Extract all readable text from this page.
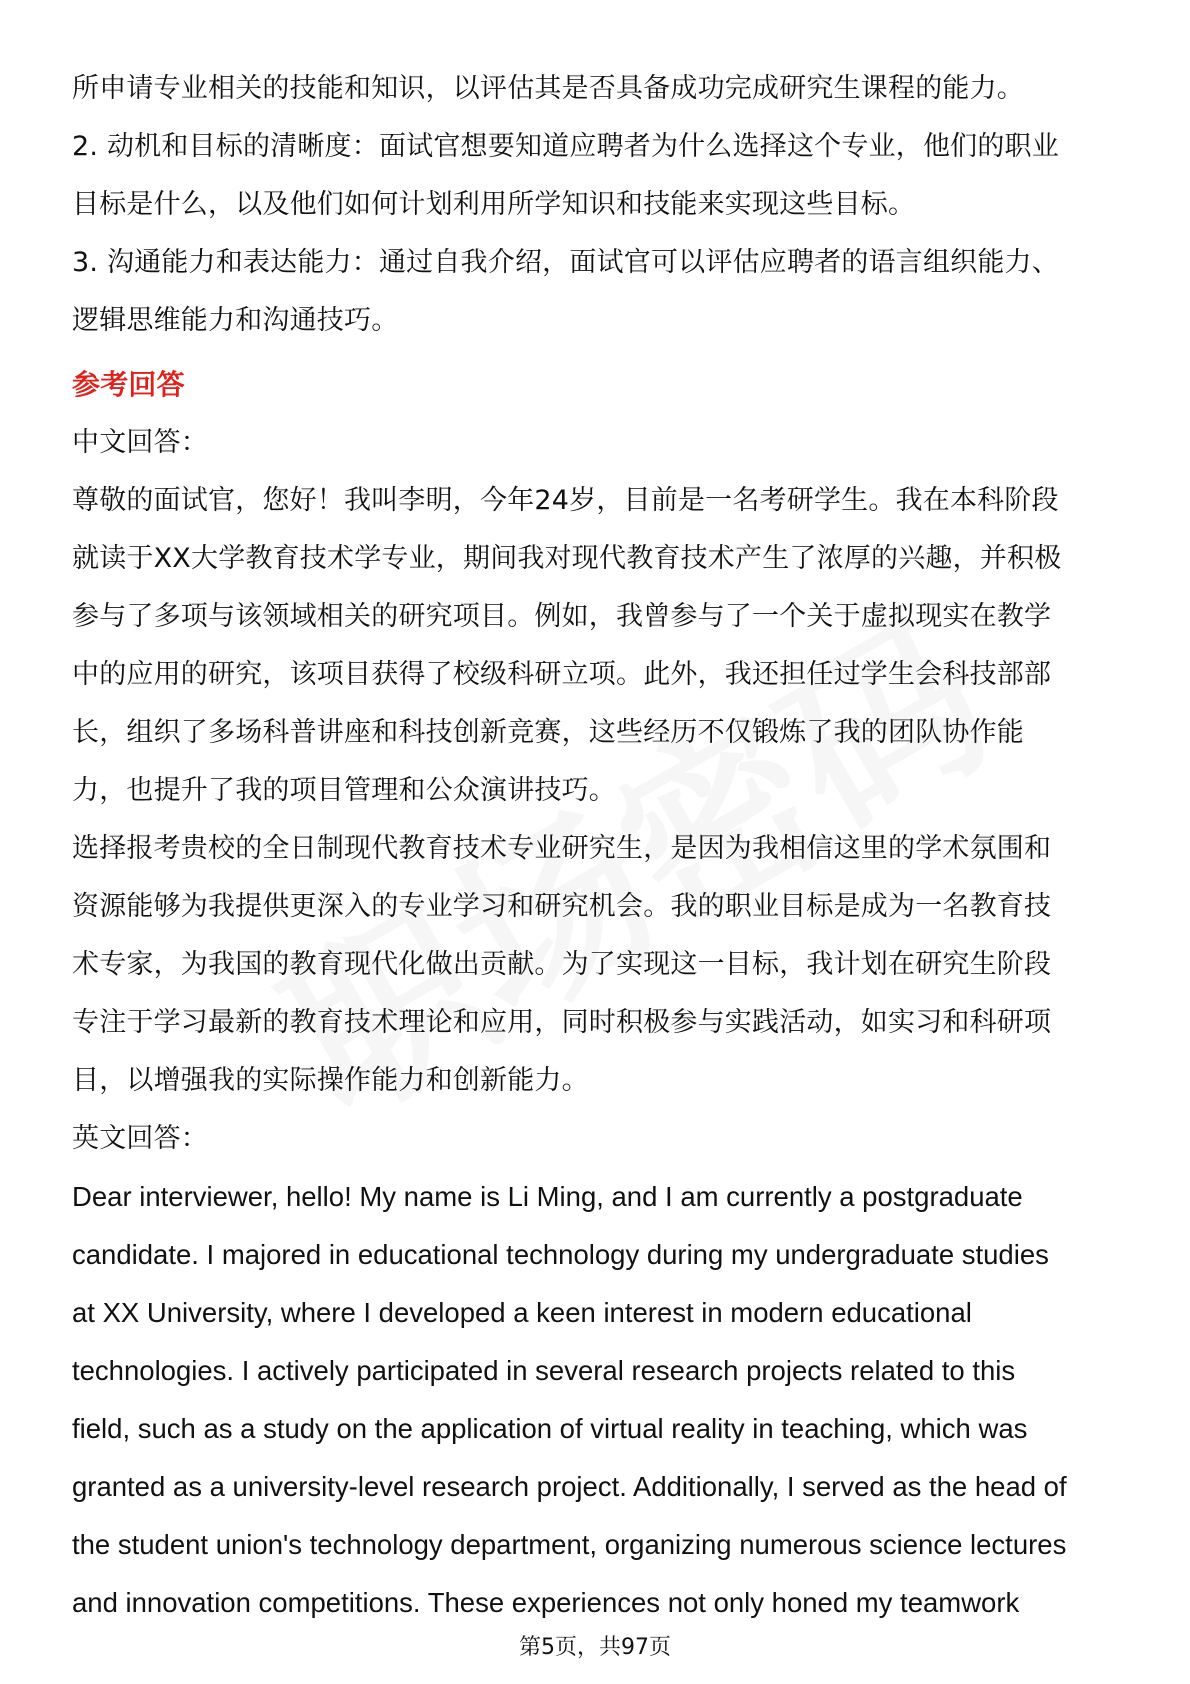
所申请专业相关的技能和知识，以评估其是否具备成功完成研究生课程的能力。
2. 动机和目标的清晰度：面试官想要知道应聘者为什么选择这个专业，他们的职业
目标是什么，以及他们如何计划利用所学知识和技能来实现这些目标。
3. 沟通能力和表达能力：通过自我介绍，面试官可以评估应聘者的语言组织能力、
逻辑思维能力和沟通技巧。
参考回答
中文回答：
尊敬的面试官，您好！我叫李明，今年24岁，目前是一名考研学生。我在本科阶段
就读于XX大学教育技术学专业，期间我对现代教育技术产生了浓厚的兴趣，并积极
参与了多项与该领域相关的研究项目。例如，我曾参与了一个关于虚拟现实在教学
中的应用的研究，该项目获得了校级科研立项。此外，我还担任过学生会科技部部
长，组织了多场科普讲座和科技创新竞赛，这些经历不仅锻炼了我的团队协作能
力，也提升了我的项目管理和公众演讲技巧。
选择报考贵校的全日制现代教育技术专业研究生，是因为我相信这里的学术氛围和
资源能够为我提供更深入的专业学习和研究机会。我的职业目标是成为一名教育技
术专家，为我国的教育现代化做出贡献。为了实现这一目标，我计划在研究生阶段
专注于学习最新的教育技术理论和应用，同时积极参与实践活动，如实习和科研项
目，以增强我的实际操作能力和创新能力。
英文回答：
Dear interviewer, hello! My name is Li Ming, and I am currently a postgraduate
candidate. I majored in educational technology during my undergraduate studies
at XX University, where I developed a keen interest in modern educational
technologies. I actively participated in several research projects related to this
field, such as a study on the application of virtual reality in teaching, which was
granted as a university-level research project. Additionally, I served as the head of
the student union's technology department, organizing numerous science lectures
and innovation competitions. These experiences not only honed my teamwork
第5页，共97页
